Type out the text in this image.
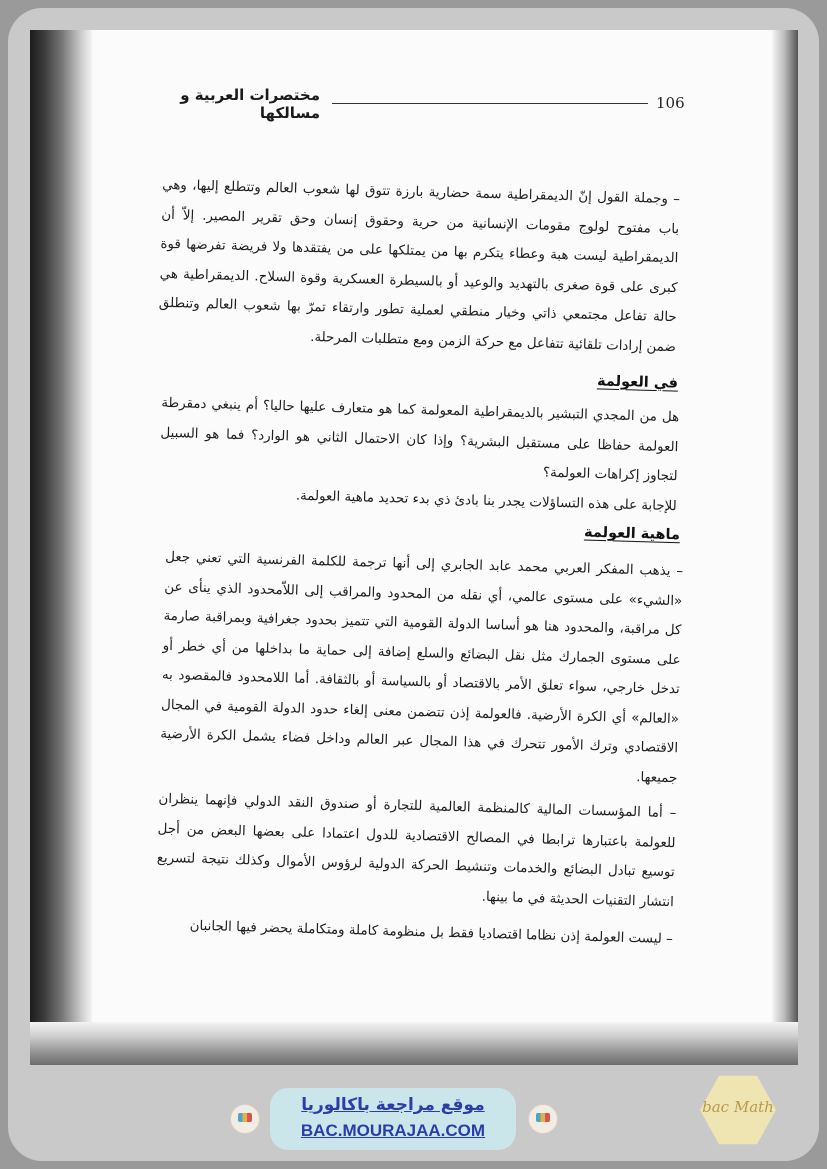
106
مختصرات العربية و مسالكها

– وجملة القول إنّ الديمقراطية سمة حضارية بارزة تتوق لها شعوب العالم وتتطلع إليها، وهي باب مفتوح لولوج مقومات الإنسانية من حرية وحقوق إنسان وحق تقرير المصير. إلاّ أن الديمقراطية ليست هبة وعطاء يتكرم بها من يمتلكها على من يفتقدها ولا فريضة تفرضها قوة كبرى على قوة صغرى بالتهديد والوعيد أو بالسيطرة العسكرية وقوة السلاح. الديمقراطية هي حالة تفاعل مجتمعي ذاتي وخيار منطقي لعملية تطور وارتقاء تمرّ بها شعوب العالم وتنطلق ضمن إرادات تلقائية تتفاعل مع حركة الزمن ومع متطلبات المرحلة.

في العولمة

هل من المجدي التبشير بالديمقراطية المعولمة كما هو متعارف عليها حاليا؟ أم ينبغي دمقرطة العولمة حفاظا على مستقبل البشرية؟ وإذا كان الاحتمال الثاني هو الوارد؟ فما هو السبيل لتجاوز إكراهات العولمة؟

للإجابة على هذه التساؤلات يجدر بنا بادئ ذي بدء تحديد ماهية العولمة.

ماهية العولمة

– يذهب المفكر العربي محمد عابد الجابري إلى أنها ترجمة للكلمة الفرنسية التي تعني جعل «الشيء» على مستوى عالمي، أي نقله من المحدود والمراقب إلى اللاّمحدود الذي ينأى عن كل مراقبة، والمحدود هنا هو أساسا الدولة القومية التي تتميز بحدود جغرافية وبمراقبة صارمة على مستوى الجمارك مثل نقل البضائع والسلع إضافة إلى حماية ما بداخلها من أي خطر أو تدخل خارجي، سواء تعلق الأمر بالاقتصاد أو بالسياسة أو بالثقافة. أما اللامحدود فالمقصود به «العالم» أي الكرة الأرضية. فالعولمة إذن تتضمن معنى إلغاء حدود الدولة القومية في المجال الاقتصادي وترك الأمور تتحرك في هذا المجال عبر العالم وداخل فضاء يشمل الكرة الأرضية جميعها.

– أما المؤسسات المالية كالمنظمة العالمية للتجارة أو صندوق النقد الدولي فإنهما ينظران للعولمة باعتبارها ترابطا في المصالح الاقتصادية للدول اعتمادا على بعضها البعض من أجل توسيع تبادل البضائع والخدمات وتنشيط الحركة الدولية لرؤوس الأموال وكذلك نتيجة لتسريع انتشار التقنيات الحديثة في ما بينها.

– ليست العولمة إذن نظاما اقتصاديا فقط بل منظومة كاملة ومتكاملة يحضر فيها الجانبان

موقع مراجعة باكالوريا
BAC.MOURAJAA.COM
bac Math
